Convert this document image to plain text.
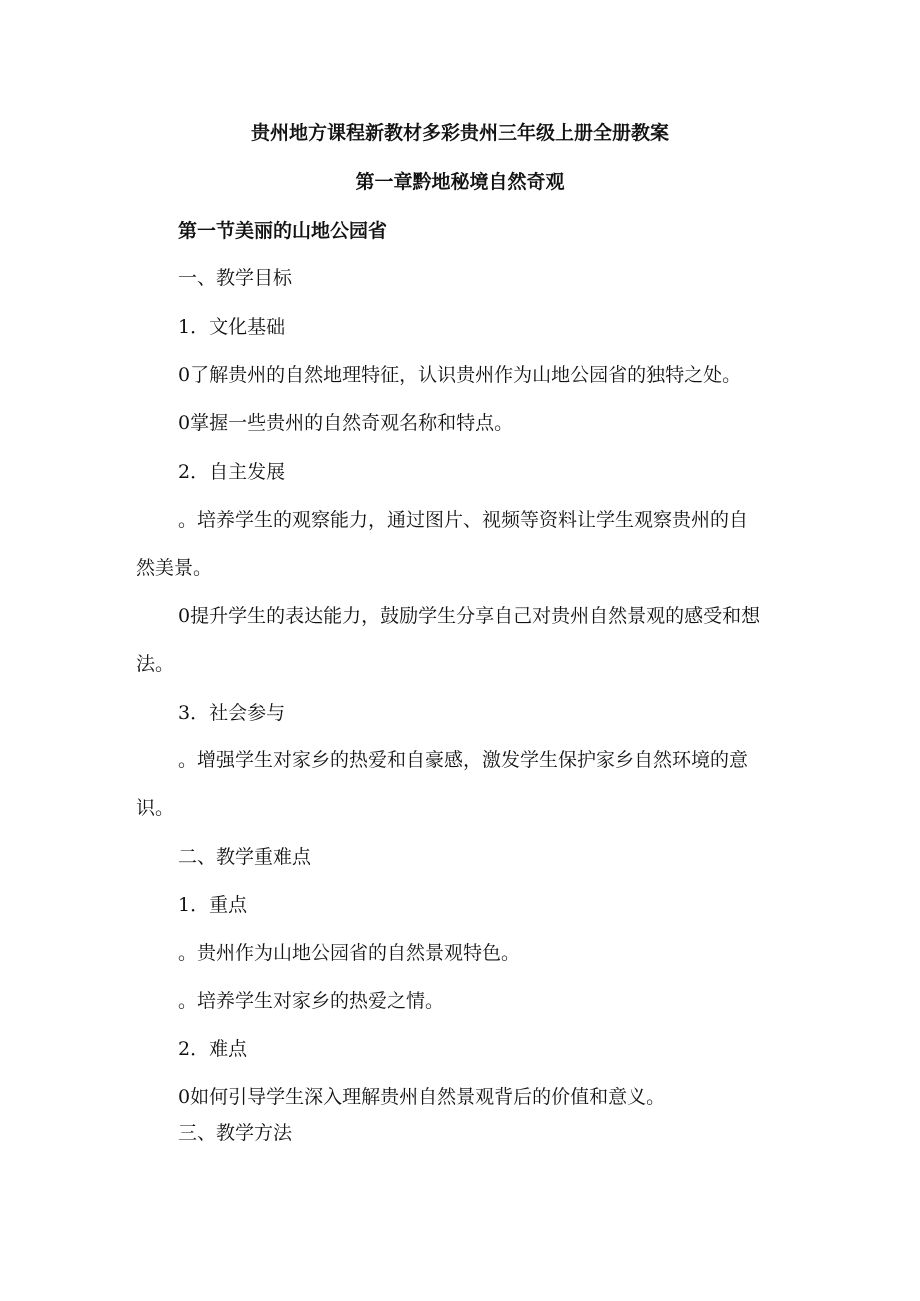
贵州地方课程新教材多彩贵州三年级上册全册教案
第一章黔地秘境自然奇观
第一节美丽的山地公园省
一、教学目标
1．文化基础
0了解贵州的自然地理特征，认识贵州作为山地公园省的独特之处。
0掌握一些贵州的自然奇观名称和特点。
2．自主发展
。培养学生的观察能力，通过图片、视频等资料让学生观察贵州的自
然美景。
0提升学生的表达能力，鼓励学生分享自己对贵州自然景观的感受和想
法。
3．社会参与
。增强学生对家乡的热爱和自豪感，激发学生保护家乡自然环境的意
识。
二、教学重难点
1．重点
。贵州作为山地公园省的自然景观特色。
。培养学生对家乡的热爱之情。
2．难点
0如何引导学生深入理解贵州自然景观背后的价值和意义。
三、教学方法
